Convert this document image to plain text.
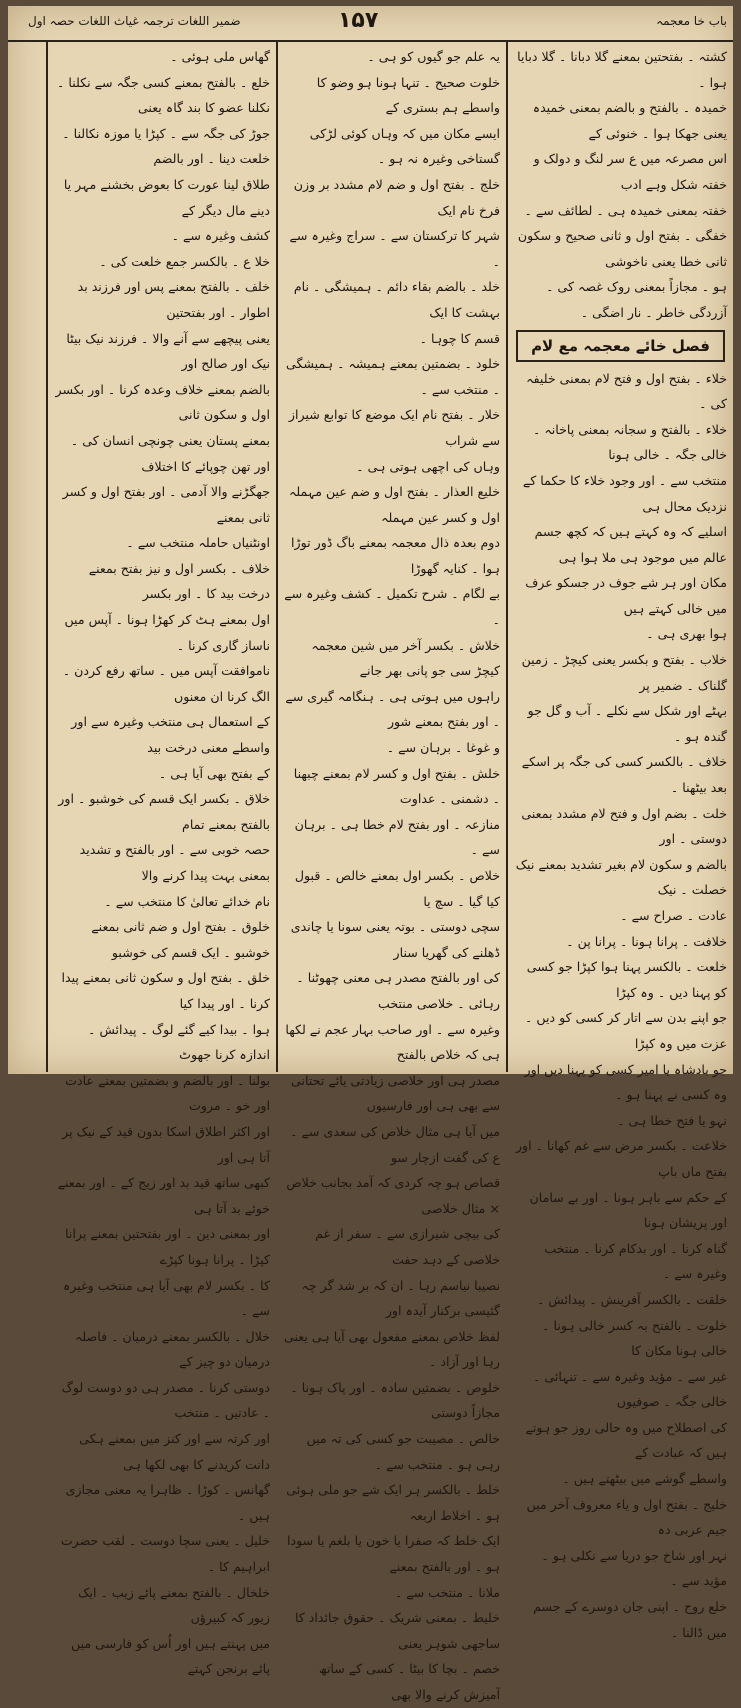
ضمیر اللغات ترجمہ غیاث اللغات حصہ اول	۱۵۷	باب خا معجمہ

کشتہ ۔ بفتحتین بمعنے گلا دبانا ۔ گلا دبایا ہوا ۔

خمیدہ ۔ بالفتح و بالضم بمعنی خمیدہ یعنی جھکا ہوا ۔ خنوئی کے

اس مصرعہ میں ع سر لنگ و دولک و خفتہ شکل وہے ادب

خفتہ بمعنی خمیدہ ہی ۔ لطائف سے ۔

خفگی ۔ بفتح اول و ثانی صحیح و سکون ثانی خطا یعنی ناخوشی

ہو ۔ مجازاً بمعنی روک غصہ کی ۔ آزردگی خاطر ۔ نار اضگی ۔

فصل خائے معجمہ مع لام

خلاء ۔ بفتح اول و فتح لام بمعنی خلیفہ کی ۔

خلاء ۔ بالفتح و سجانہ بمعنی پاخانہ ۔ خالی جگہ ۔ خالی ہونا

منتخب سے ۔ اور وجود خلاء کا حکما کے نزدیک محال ہی

اسلیے کہ وہ کہتے ہیں کہ کچھ جسم عالم میں موجود ہی ملا ہوا ہی

مکان اور ہر شے جوف در جسکو عرف میں خالی کہتے ہیں

ہوا بھری ہی ۔

خلاب ۔ بفتح و بکسر یعنی کیچڑ ۔ زمین گلناک ۔ ضمیر پر

بہٹے اور شکل سے نکلے ۔ آب و گل جو گندہ ہو ۔

خلاف ۔ بالکسر کسی کی جگہ پر اسکے بعد بیٹھنا ۔

خلت ۔ بضم اول و فتح لام مشدد بمعنی دوستی ۔ اور

بالضم و سکون لام بغیر تشدید بمعنے نیک خصلت ۔ نیک

عادت ۔ صراح سے ۔

خلافت ۔ پرانا ہونا ۔ پرانا پن ۔

خلعت ۔ بالکسر پہنا ہوا کپڑا جو کسی کو پہنا دیں ۔ وہ کپڑا

جو اپنے بدن سے اتار کر کسی کو دیں ۔ عزت میں وہ کپڑا

جو بادشاہ یا امیر کسی کو پہنا دیں اور وہ کسی نے پہنا ہو ۔

نہو یا فتح خطا ہی ۔

خلاعت ۔ بکسر مرض سے غم کھانا ۔ اور بفتح ماں باپ

کے حکم سے باہر ہونا ۔ اور بے سامان اور پریشان ہونا

گناہ کرنا ۔ اور بدکام کرنا ۔ منتخب وغیرہ سے ۔

خلقت ۔ بالکسر آفرینش ۔ پیدائش ۔

خلوت ۔ بالفتح بہ کسر خالی ہونا ۔ خالی ہونا مکان کا

غیر سے ۔ مؤید وغیرہ سے ۔ تنہائی ۔ خالی جگہ ۔ صوفیوں

کی اصطلاح میں وہ حالی روز جو ہوتے ہیں کہ عبادت کے

واسطے گوشے میں بیٹھتے ہیں ۔

خلیج ۔ بفتح اول و یاء معروف آخر میں جیم عربی دہ

نہر اور شاخ جو دریا سے نکلی ہو ۔ مؤید سے ۔

خلع روح ۔ اپنی جان دوسرے کے جسم میں ڈالنا ۔

یہ علم جو گیوں کو ہی ۔

خلوت صحیح ۔ تنہا ہونا ہو وضو کا واسطے ہم بستری کے

ایسے مکان میں کہ وہاں کوئی لڑکی گستاخی وغیرہ نہ ہو ۔

خلج ۔ بفتح اول و ضم لام مشدد بر وزن فرخ نام ایک

شہر کا ترکستان سے ۔ سراج وغیرہ سے ۔

خلد ۔ بالضم بقاء دائم ۔ ہمیشگی ۔ نام بہشت کا ایک

قسم کا چوہا ۔

خلود ۔ بضمتین بمعنے ہمیشہ ۔ ہمیشگی ۔ منتخب سے ۔

خلار ۔ بفتح نام ایک موضع کا توابع شیراز سے شراب

وہاں کی اچھی ہوتی ہی ۔

خلیع العذار ۔ بفتح اول و ضم عین مہملہ اول و کسر عین مہملہ

دوم بعدہ ذال معجمہ بمعنے باگ ڈور توڑا ہوا ۔ کنایہ گھوڑا

بے لگام ۔ شرح تکمیل ۔ کشف وغیرہ سے ۔

خلاش ۔ بکسر آخر میں شین معجمہ کیچڑ سی جو پانی بھر جانے

راہوں میں ہوتی ہی ۔ ہنگامہ گیری سے ۔ اور بفتح بمعنے شور

و غوغا ۔ برہان سے ۔

خلش ۔ بفتح اول و کسر لام بمعنے چبھنا ۔ دشمنی ۔ عداوت

منازعہ ۔ اور بفتح لام خطا ہی ۔ برہان سے ۔

خلاص ۔ بکسر اول بمعنے خالص ۔ قبول کیا گیا ۔ سچ یا

سچی دوستی ۔ بوتہ یعنی سونا یا چاندی ڈھلنے کی گھریا سنار

کی اور بالفتح مصدر ہی معنی چھوٹنا ۔ رہائی ۔ خلاصی منتخب

وغیرہ سے ۔ اور صاحب بہار عجم نے لکھا ہی کہ خلاص بالفتح

مصدر ہی اور خلاصی زیادتی یائے تحتانی سے بھی ہی اور فارسیوں

میں آیا ہی مثال خلاص کی سعدی سے ۔ ع کی گفت ازچار سو

قصاص ہو چہ کردی کہ آمد بجانب خلاص × مثال خلاصی

کی بیچی شیرازی سے ۔ سفر از غم خلاصی کے دہد حفت

نصیبا نیاسم رہا ۔ ان کہ بر شد گر چہ گئیسی برکنار آیدہ اور

لفظ خلاص بمعنے مفعول بھی آیا ہی یعنی رہا اور آزاد ۔

خلوص ۔ بضمتین سادہ ۔ اور پاک ہونا ۔ مجازاً دوستی

خالص ۔ مصیبت جو کسی کی تہ میں رہی ہو ۔ منتخب سے ۔

خلط ۔ بالکسر ہر ایک شے جو ملی ہوئی ہو ۔ اخلاط اربعہ

ایک خلط کہ صفرا یا خون یا بلغم یا سودا ہو ۔ اور بالفتح بمعنے

ملانا ۔ منتخب سے ۔

خلیط ۔ بمعنی شریک ۔ حقوق جائداد کا ساجھی شوہر یعنی

خصم ۔ بچا کا بیٹا ۔ کسی کے ساتھ آمیزش کرنے والا بھی

گھاس ملی ہوئی ۔

خلع ۔ بالفتح بمعنے کسی جگہ سے نکلنا ۔ نکلنا عضو کا بند گاہ یعنی

جوڑ کی جگہ سے ۔ کپڑا یا موزہ نکالنا ۔ خلعت دینا ۔ اور بالضم

طلاق لینا عورت کا بعوض بخشنے مہر یا دینے مال دیگر کے

کشف وغیرہ سے ۔

خلا ع ۔ بالکسر جمع خلعت کی ۔

خلف ۔ بالفتح بمعنے پس اور فرزند بد اطوار ۔ اور بفتحتین

یعنی پیچھے سے آنے والا ۔ فرزند نیک بیٹا نیک اور صالح اور

بالضم بمعنے خلاف وعدہ کرنا ۔ اور بکسر اول و سکون ثانی

بمعنے پستان یعنی چونچی انسان کی ۔ اور تھن چوپائے کا اختلاف

جھگڑنے والا آدمی ۔ اور بفتح اول و کسر ثانی بمعنے

اونٹنیاں حاملہ منتخب سے ۔

خلاف ۔ بکسر اول و نیز بفتح بمعنے درخت بید کا ۔ اور بکسر

اول بمعنے ہٹ کر کھڑا ہونا ۔ آپس میں ناساز گاری کرنا ۔

ناموافقت آپس میں ۔ ساتھ رفع کردن ۔ الگ کرنا ان معنوں

کے استعمال ہی منتخب وغیرہ سے اور واسطے معنی درخت بید

کے بفتح بھی آیا ہی ۔

خلاق ۔ بکسر ایک قسم کی خوشبو ۔ اور بالفتح بمعنے تمام

حصہ خوبی سے ۔ اور بالفتح و تشدید بمعنی بہت پیدا کرنے والا

نام خدائے تعالیٰ کا منتخب سے ۔

خلوق ۔ بفتح اول و ضم ثانی بمعنے خوشبو ۔ ایک قسم کی خوشبو

خلق ۔ بفتح اول و سکون ثانی بمعنے پیدا کرنا ۔ اور پیدا کیا

ہوا ۔ بیدا کیے گئے لوگ ۔ پیدائش ۔ اندازہ کرنا جھوٹ

بولنا ۔ اور بالضم و بضمتین بمعنے عادت اور خو ۔ مروت

اور اکثر اطلاق اسکا بدون قید کے نیک پر آتا ہی اور

کبھی ساتھ قید بد اور زیج کے ۔ اور بمعنے خوئے بد آتا ہی

اور بمعنی دین ۔ اور بفتحتین بمعنے پرانا کپڑا ۔ پرانا ہونا کپڑے

کا ۔ بکسر لام بھی آیا ہی منتخب وغیرہ سے ۔

خلال ۔ بالکسر بمعنے درمیان ۔ فاصلہ درمیان دو چیز کے

دوستی کرنا ۔ مصدر ہی دو دوست لوگ ۔ عادتیں ۔ منتخب

اور کرتہ سے اور کنز میں بمعنے ہکی دانت کریدنے کا بھی لکھا ہی

گھانس ۔ کوڑا ۔ ظاہرا یہ معنی مجازی ہیں ۔

خلیل ۔ یعنی سچا دوست ۔ لقب حضرت ابراہیم کا ۔

خلخال ۔ بالفتح بمعنے پائے زیب ۔ ایک زیور کہ کبیرؤں

میں پہنتے ہیں اور اُس کو فارسی میں پائے برنجن کہتے
